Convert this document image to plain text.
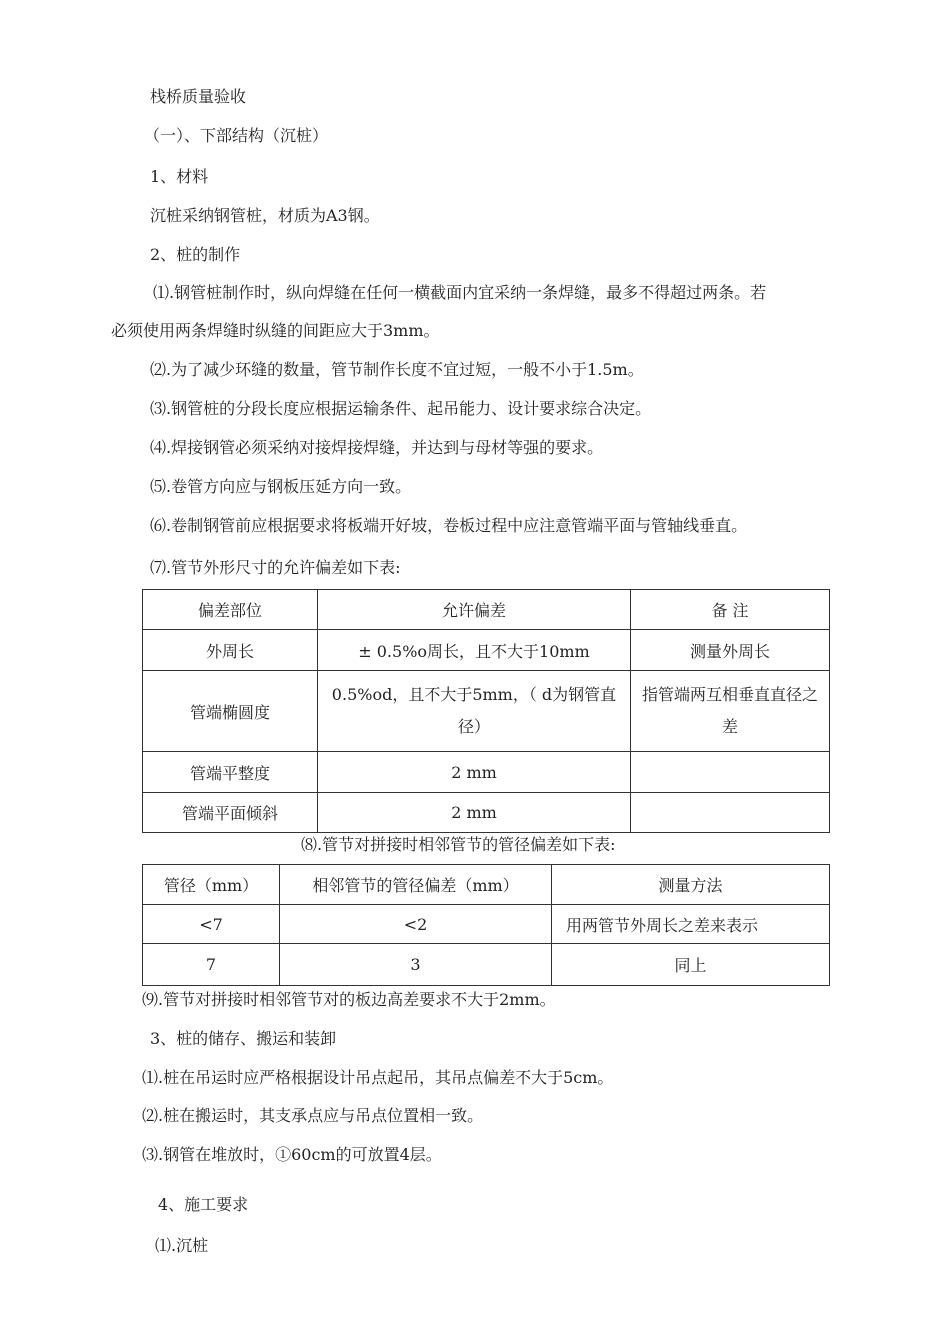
栈桥质量验收
（一）、下部结构（沉桩）
1、材料
沉桩采纳钢管桩，材质为A3钢。
2、桩的制作
⑴.钢管桩制作时，纵向焊缝在任何一横截面内宜采纳一条焊缝，最多不得超过两条。若
必须使用两条焊缝时纵缝的间距应大于3mm。
⑵.为了减少环缝的数量，管节制作长度不宜过短，一般不小于1.5m。
⑶.钢管桩的分段长度应根据运输条件、起吊能力、设计要求综合决定。
⑷.焊接钢管必须采纳对接焊接焊缝，并达到与母材等强的要求。
⑸.卷管方向应与钢板压延方向一致。
⑹.卷制钢管前应根据要求将板端开好坡，卷板过程中应注意管端平面与管轴线垂直。
⑺.管节外形尺寸的允许偏差如下表:
偏差部位	允许偏差	备 注
外周长	± 0.5%o周长，且不大于10mm	测量外周长
管端椭圆度	0.5%od，且不大于5mm，（ d为钢管直径）	指管端两互相垂直直径之差
管端平整度	2 mm	
管端平面倾斜	2 mm	
⑻.管节对拼接时相邻管节的管径偏差如下表:
管径（mm）	相邻管节的管径偏差（mm）	测量方法
<7	<2	用两管节外周长之差来表示
7	3	同上
⑼.管节对拼接时相邻管节对的板边高差要求不大于2mm。
3、桩的储存、搬运和装卸
⑴.桩在吊运时应严格根据设计吊点起吊，其吊点偏差不大于5cm。
⑵.桩在搬运时，其支承点应与吊点位置相一致。
⑶.钢管在堆放时，①60cm的可放置4层。
4、施工要求
⑴.沉桩
